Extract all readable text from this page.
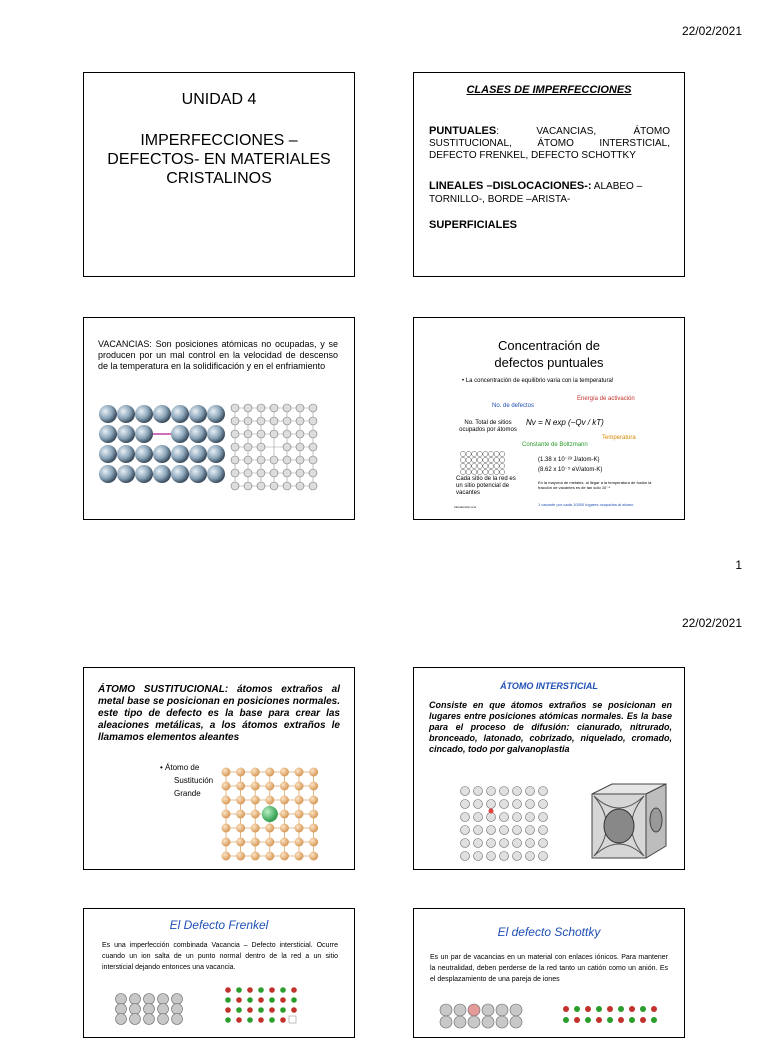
22/02/2021
UNIDAD 4
IMPERFECCIONES –
DEFECTOS- EN MATERIALES
CRISTALINOS
CLASES DE IMPERFECCIONES
PUNTUALES: VACANCIAS, ÁTOMO SUSTITUCIONAL, ÁTOMO INTERSTICIAL, DEFECTO FRENKEL, DEFECTO SCHOTTKY
LINEALES –DISLOCACIONES-: ALABEO –TORNILLO-, BORDE –ARISTA-
SUPERFICIALES
VACANCIAS: Son posiciones atómicas no ocupadas, y se producen por un mal control en la velocidad de descenso de la temperatura en la solidificación y en el enfriamiento
Concentración de
defectos puntuales
• La concentración de equilibrio varia con la temperatura!
No. de defectos
Energía de activación
No. Total de sitios ocupados por átomos
Nv = N exp (−Qv / kT)
Temperatura
Constante de Boltzmann
(1.38 x 10⁻²³ J/atom-K)
(8.62 x 10⁻⁵ eV/atom-K)
Cada sitio de la red es un sitio potencial de vacantes
En la mayoría de metales, al llegar a la temperatura de fusión la fracción de vacantes es de tan sólo 10⁻⁴
1 vacante por cada 10000 lugares ocupados al atomo
Introducción a la
1
22/02/2021
ÁTOMO SUSTITUCIONAL: átomos extraños al metal base se posicionan en posiciones normales. este tipo de defecto es la base para crear las aleaciones metálicas, a los átomos extraños le llamamos elementos aleantes
• Átomo de
Sustitución
Grande
ÁTOMO INTERSTICIAL
Consiste en que átomos extraños se posicionan en lugares entre posiciones atómicas normales. Es la base para el proceso de difusión: cianurado, nitrurado, bronceado, latonado, cobrizado, niquelado, cromado, cincado, todo por galvanoplastia
El Defecto Frenkel
Es una imperfección combinada Vacancia – Defecto intersticial. Ocurre cuando un ion salta de un punto normal dentro de la red a un sitio intersticial dejando entonces una vacancia.
El defecto Schottky
Es un par de vacancias en un material con enlaces iónicos. Para mantener la neutralidad, deben perderse de la red tanto un catión como un anión. Es el desplazamiento de una pareja de iones
